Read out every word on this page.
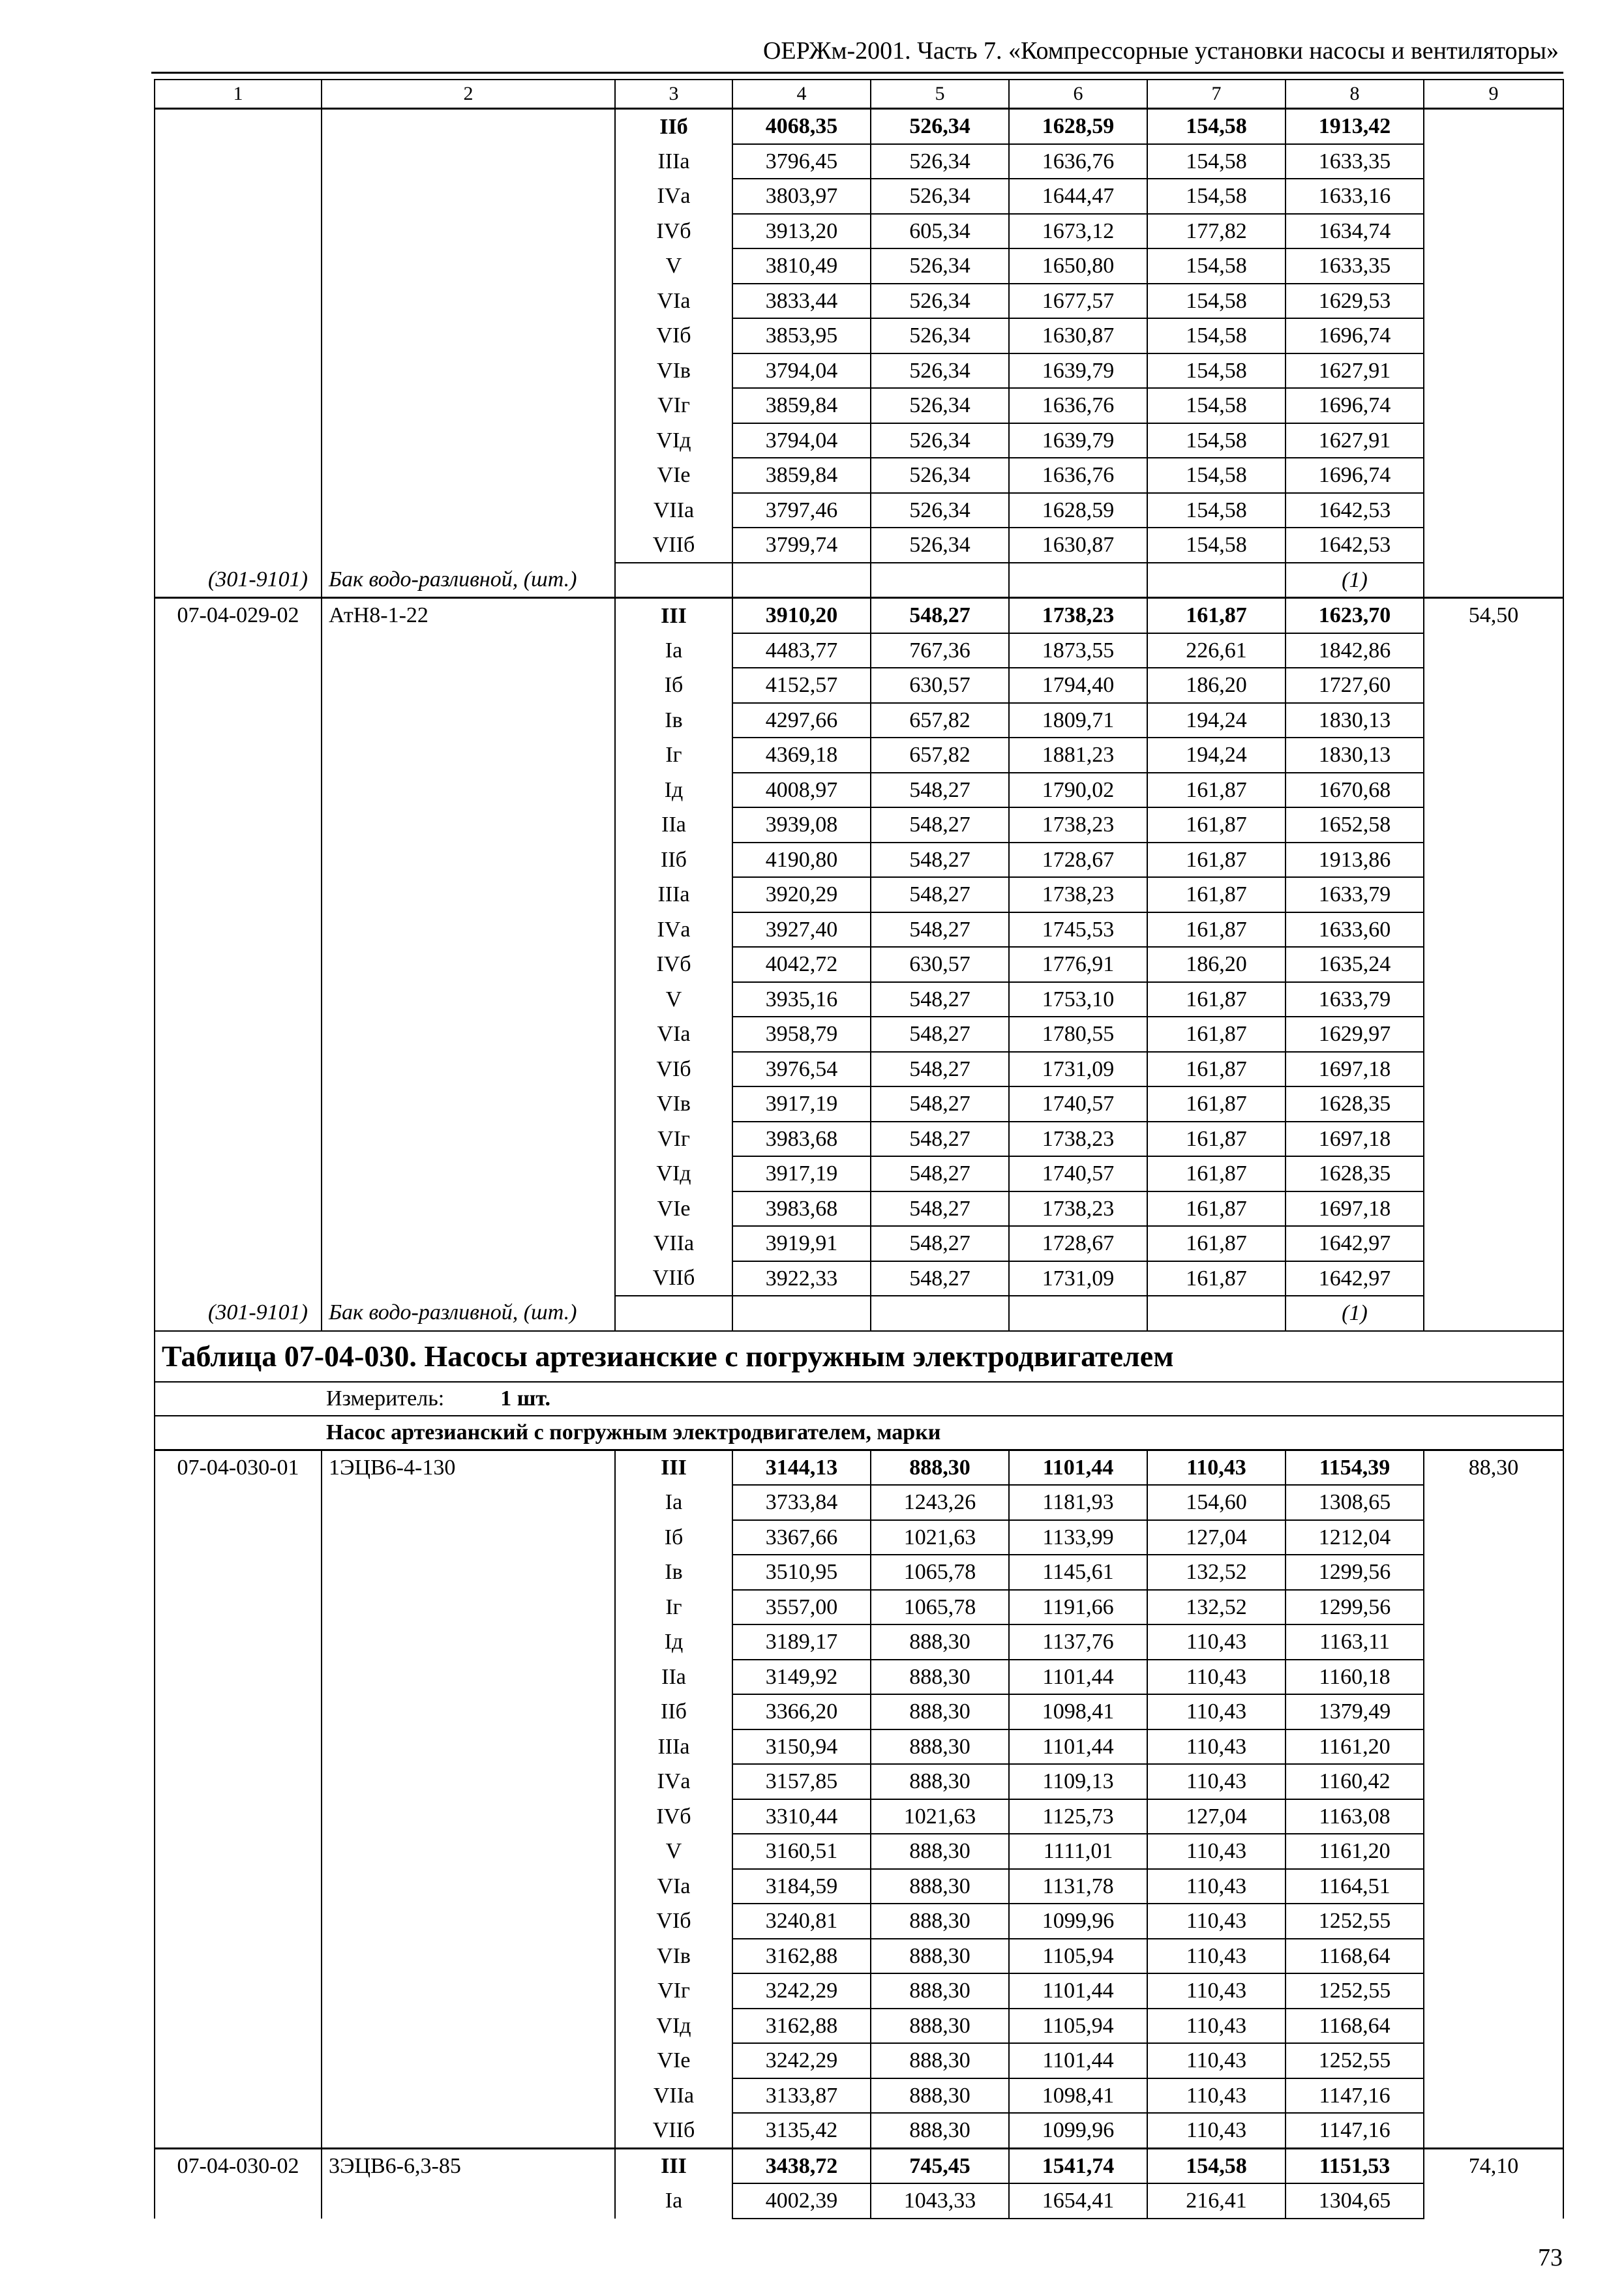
ОЕРЖм-2001. Часть 7. «Компрессорные установки насосы и вентиляторы»
1	2	3	4	5	6	7	8	9
		IIб	4068,35	526,34	1628,59	154,58	1913,42	
		IIIа	3796,45	526,34	1636,76	154,58	1633,35	
		IVа	3803,97	526,34	1644,47	154,58	1633,16	
		IVб	3913,20	605,34	1673,12	177,82	1634,74	
		V	3810,49	526,34	1650,80	154,58	1633,35	
		VIа	3833,44	526,34	1677,57	154,58	1629,53	
		VIб	3853,95	526,34	1630,87	154,58	1696,74	
		VIв	3794,04	526,34	1639,79	154,58	1627,91	
		VIг	3859,84	526,34	1636,76	154,58	1696,74	
		VIд	3794,04	526,34	1639,79	154,58	1627,91	
		VIе	3859,84	526,34	1636,76	154,58	1696,74	
		VIIа	3797,46	526,34	1628,59	154,58	1642,53	
		VIIб	3799,74	526,34	1630,87	154,58	1642,53	
(301-9101)	Бак водо-разливной, (шт.)						(1)	
07-04-029-02	АтН8-1-22	III	3910,20	548,27	1738,23	161,87	1623,70	54,50
		Iа	4483,77	767,36	1873,55	226,61	1842,86	
		Iб	4152,57	630,57	1794,40	186,20	1727,60	
		Iв	4297,66	657,82	1809,71	194,24	1830,13	
		Iг	4369,18	657,82	1881,23	194,24	1830,13	
		Iд	4008,97	548,27	1790,02	161,87	1670,68	
		IIа	3939,08	548,27	1738,23	161,87	1652,58	
		IIб	4190,80	548,27	1728,67	161,87	1913,86	
		IIIа	3920,29	548,27	1738,23	161,87	1633,79	
		IVа	3927,40	548,27	1745,53	161,87	1633,60	
		IVб	4042,72	630,57	1776,91	186,20	1635,24	
		V	3935,16	548,27	1753,10	161,87	1633,79	
		VIа	3958,79	548,27	1780,55	161,87	1629,97	
		VIб	3976,54	548,27	1731,09	161,87	1697,18	
		VIв	3917,19	548,27	1740,57	161,87	1628,35	
		VIг	3983,68	548,27	1738,23	161,87	1697,18	
		VIд	3917,19	548,27	1740,57	161,87	1628,35	
		VIе	3983,68	548,27	1738,23	161,87	1697,18	
		VIIа	3919,91	548,27	1728,67	161,87	1642,97	
		VIIб	3922,33	548,27	1731,09	161,87	1642,97	
(301-9101)	Бак водо-разливной, (шт.)						(1)	
Таблица 07-04-030. Насосы артезианские с погружным электродвигателем								
Измеритель: 1 шт.								
Насос артезианский с погружным электродвигателем, марки								
07-04-030-01	1ЭЦВ6-4-130	III	3144,13	888,30	1101,44	110,43	1154,39	88,30
		Iа	3733,84	1243,26	1181,93	154,60	1308,65	
		Iб	3367,66	1021,63	1133,99	127,04	1212,04	
		Iв	3510,95	1065,78	1145,61	132,52	1299,56	
		Iг	3557,00	1065,78	1191,66	132,52	1299,56	
		Iд	3189,17	888,30	1137,76	110,43	1163,11	
		IIа	3149,92	888,30	1101,44	110,43	1160,18	
		IIб	3366,20	888,30	1098,41	110,43	1379,49	
		IIIа	3150,94	888,30	1101,44	110,43	1161,20	
		IVа	3157,85	888,30	1109,13	110,43	1160,42	
		IVб	3310,44	1021,63	1125,73	127,04	1163,08	
		V	3160,51	888,30	1111,01	110,43	1161,20	
		VIа	3184,59	888,30	1131,78	110,43	1164,51	
		VIб	3240,81	888,30	1099,96	110,43	1252,55	
		VIв	3162,88	888,30	1105,94	110,43	1168,64	
		VIг	3242,29	888,30	1101,44	110,43	1252,55	
		VIд	3162,88	888,30	1105,94	110,43	1168,64	
		VIе	3242,29	888,30	1101,44	110,43	1252,55	
		VIIа	3133,87	888,30	1098,41	110,43	1147,16	
		VIIб	3135,42	888,30	1099,96	110,43	1147,16	
07-04-030-02	3ЭЦВ6-6,3-85	III	3438,72	745,45	1541,74	154,58	1151,53	74,10
		Iа	4002,39	1043,33	1654,41	216,41	1304,65	
73
